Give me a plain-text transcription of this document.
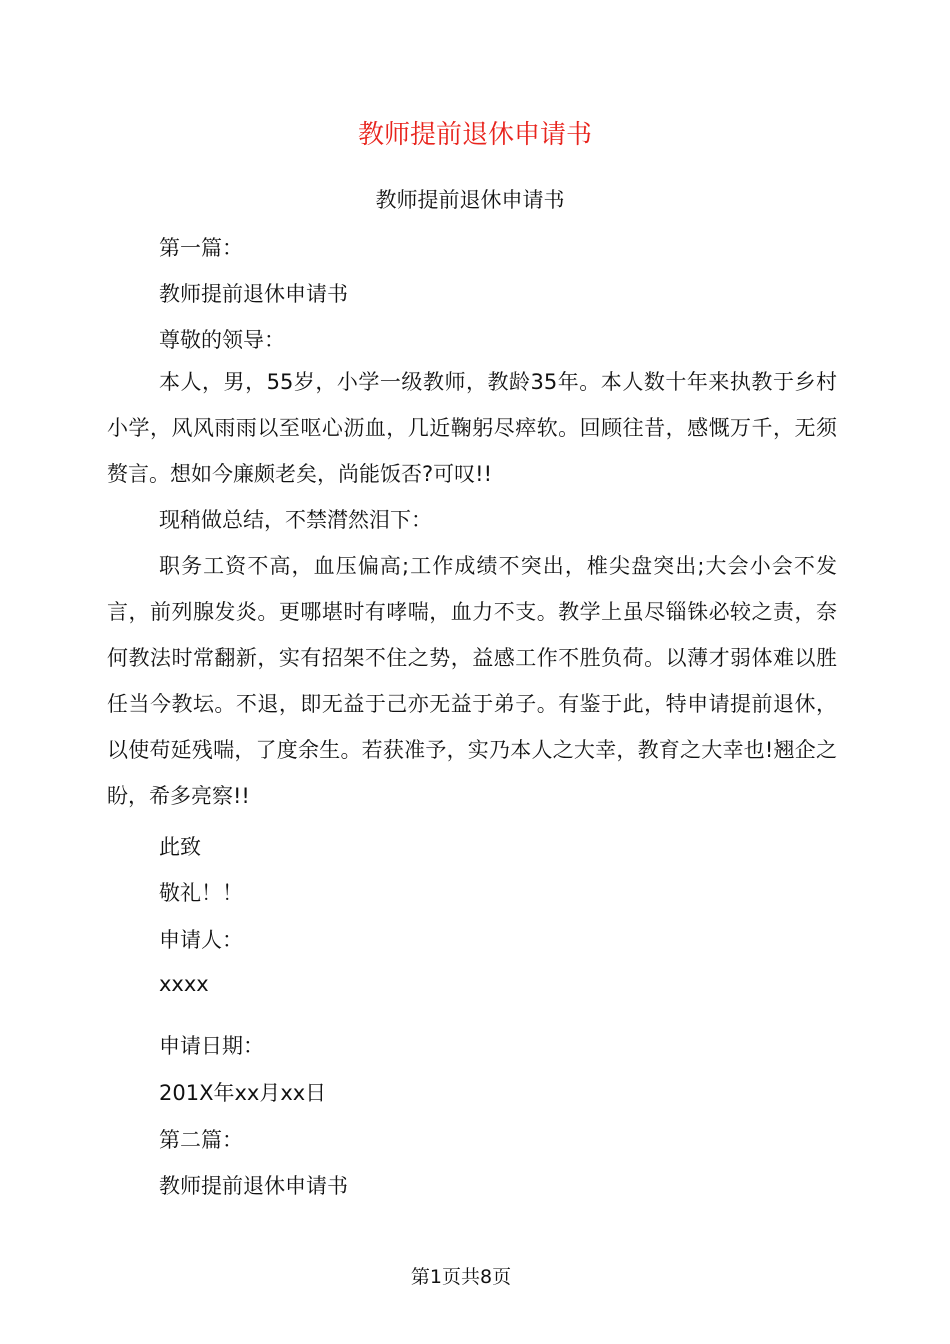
教师提前退休申请书
教师提前退休申请书
第一篇：
教师提前退休申请书
尊敬的领导：
本人，男，55岁，小学一级教师，教龄35年。本人数十年来执教于乡村小学，风风雨雨以至呕心沥血，几近鞠躬尽瘁软。回顾往昔，感慨万千，无须赘言。想如今廉颇老矣，尚能饭否?可叹!!
现稍做总结，不禁潸然泪下：
职务工资不高，血压偏高;工作成绩不突出，椎尖盘突出;大会小会不发言，前列腺发炎。更哪堪时有哮喘，血力不支。教学上虽尽锱铢必较之责，奈何教法时常翻新，实有招架不住之势，益感工作不胜负荷。以薄才弱体难以胜任当今教坛。不退，即无益于己亦无益于弟子。有鉴于此，特申请提前退休，以使苟延残喘，了度余生。若获准予，实乃本人之大幸，教育之大幸也!翘企之盼，希多亮察!!
此致
敬礼！！
申请人：
xxxx
申请日期：
201X年xx月xx日
第二篇：
教师提前退休申请书
第1页共8页
